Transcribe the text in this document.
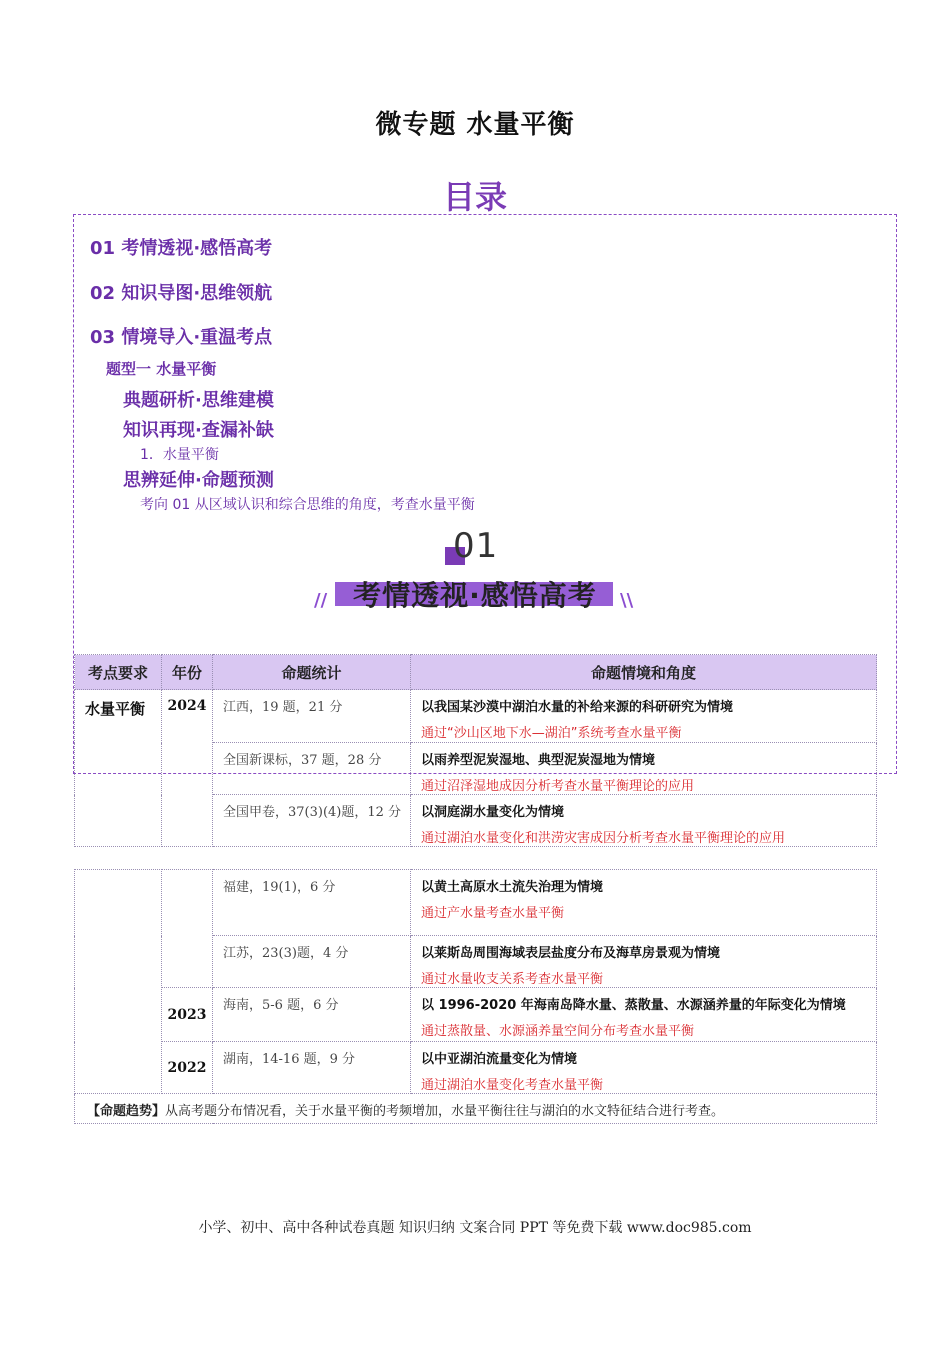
微专题 水量平衡
目录
01 考情透视·感悟高考
02 知识导图·思维领航
03 情境导入·重温考点
题型一 水量平衡
典题研析·思维建模
知识再现·查漏补缺
1．水量平衡
思辨延伸·命题预测
考向 01 从区域认识和综合思维的角度，考查水量平衡
01
//	\\
考情透视·感悟高考
考点要求	年份	命题统计	命题情境和角度
水量平衡	2024	江西，19 题，21 分	以我国某沙漠中湖泊水量的补给来源的科研研究为情境
通过“沙山区地下水—湖泊”系统考查水量平衡

		全国新课标，37 题，28 分	以雨养型泥炭湿地、典型泥炭湿地为情境
通过沼泽湿地成因分析考查水量平衡理论的应用

		全国甲卷，37(3)(4)题，12 分	以洞庭湖水量变化为情境
通过湖泊水量变化和洪涝灾害成因分析考查水量平衡理论的应用
		福建，19(1)，6 分	以黄土高原水土流失治理为情境
通过产水量考查水量平衡

		江苏，23(3)题，4 分	以莱斯岛周围海域表层盐度分布及海草房景观为情境
通过水量收支关系考查水量平衡

	2023	海南，5-6 题，6 分	以 1996-2020 年海南岛降水量、蒸散量、水源涵养量的年际变化为情境
通过蒸散量、水源涵养量空间分布考查水量平衡

	2022	湖南，14-16 题，9 分	以中亚湖泊流量变化为情境
通过湖泊水量变化考查水量平衡

【命题趋势】从高考题分布情况看，关于水量平衡的考频增加，水量平衡往往与湖泊的水文特征结合进行考查。			
小学、初中、高中各种试卷真题 知识归纳 文案合同 PPT 等免费下载 www.doc985.com
